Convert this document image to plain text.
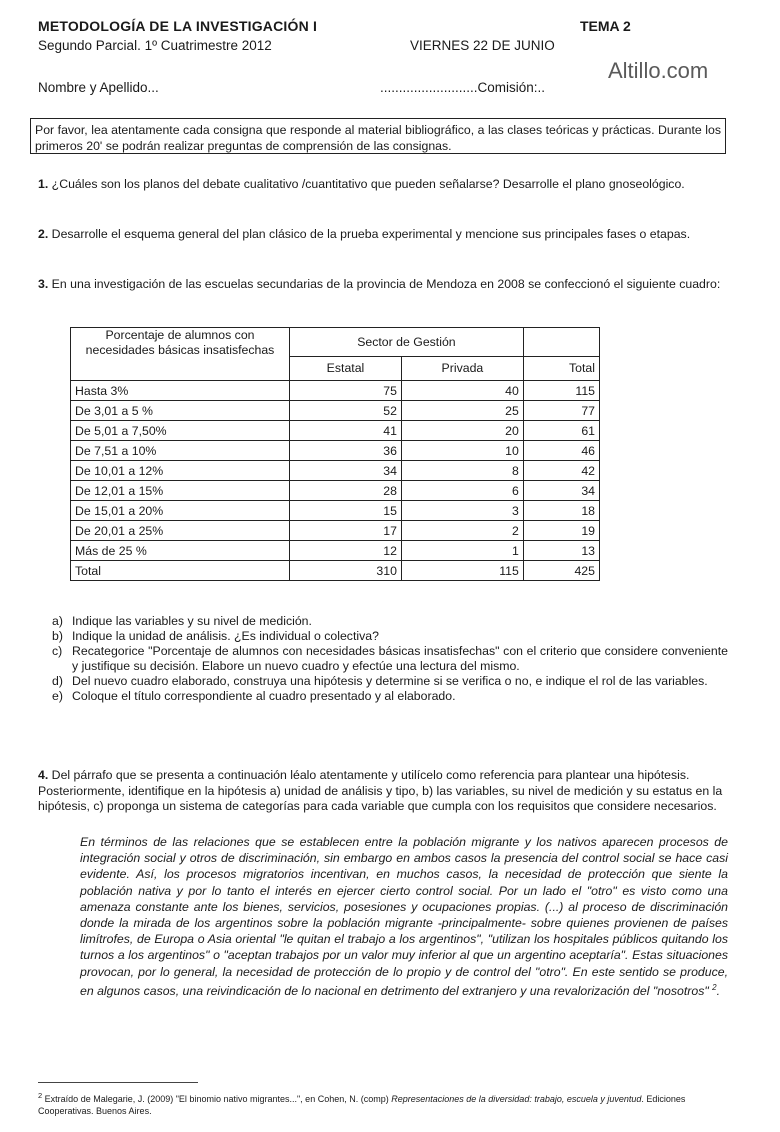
METODOLOGÍA DE LA INVESTIGACIÓN I	TEMA 2
Segundo Parcial. 1º Cuatrimestre 2012	VIERNES 22 DE JUNIO
Altillo.com
Nombre y Apellido...	..........................Comisión:..
Por favor, lea atentamente cada consigna que responde al material bibliográfico, a las clases teóricas y prácticas. Durante los primeros 20' se podrán realizar preguntas de comprensión de las consignas.
1. ¿Cuáles son los planos del debate cualitativo /cuantitativo que pueden señalarse? Desarrolle el plano gnoseológico.
2. Desarrolle el esquema general del plan clásico de la prueba experimental y mencione sus principales fases o etapas.
3. En una investigación de las escuelas secundarias de la provincia de Mendoza en 2008 se confeccionó el siguiente cuadro:
Porcentaje de alumnos con necesidades básicas insatisfechas	Sector de Gestión		
	Estatal	Privada	Total
Hasta 3%	75	40	115
De 3,01 a 5 %	52	25	77
De 5,01 a 7,50%	41	20	61
De 7,51 a 10%	36	10	46
De 10,01 a 12%	34	8	42
De 12,01 a 15%	28	6	34
De 15,01 a 20%	15	3	18
De 20,01 a 25%	17	2	19
Más de 25 %	12	1	13
Total	310	115	425
a) Indique las variables y su nivel de medición.
b) Indique la unidad de análisis. ¿Es individual o colectiva?
c) Recategorice "Porcentaje de alumnos con necesidades básicas insatisfechas" con el criterio que considere conveniente y justifique su decisión. Elabore un nuevo cuadro y efectúe una lectura del mismo.
d) Del nuevo cuadro elaborado, construya una hipótesis y determine si se verifica o no, e indique el rol de las variables.
e) Coloque el título correspondiente al cuadro presentado y al elaborado.
4. Del párrafo que se presenta a continuación léalo atentamente y utilícelo como referencia para plantear una hipótesis. Posteriormente, identifique en la hipótesis a) unidad de análisis y tipo, b) las variables, su nivel de medición y su estatus en la hipótesis, c) proponga un sistema de categorías para cada variable que cumpla con los requisitos que considere necesarios.
En términos de las relaciones que se establecen entre la población migrante y los nativos aparecen procesos de integración social y otros de discriminación, sin embargo en ambos casos la presencia del control social se hace casi evidente. Así, los procesos migratorios incentivan, en muchos casos, la necesidad de protección que siente la población nativa y por lo tanto el interés en ejercer cierto control social. Por un lado el "otro" es visto como una amenaza constante ante los bienes, servicios, posesiones y ocupaciones propias. (...) al proceso de discriminación donde la mirada de los argentinos sobre la población migrante -principalmente- sobre quienes provienen de países limítrofes, de Europa o Asia oriental "le quitan el trabajo a los argentinos", "utilizan los hospitales públicos quitando los turnos a los argentinos" o "aceptan trabajos por un valor muy inferior al que un argentino aceptaría". Estas situaciones provocan, por lo general, la necesidad de protección de lo propio y de control del "otro". En este sentido se produce, en algunos casos, una reivindicación de lo nacional en detrimento del extranjero y una revalorización del "nosotros" $^2$.
$^2$ Extraído de Malegarie, J. (2009) "El binomio nativo migrantes...", en Cohen, N. (comp) Representaciones de la diversidad: trabajo, escuela y juventud. Ediciones Cooperativas. Buenos Aires.
